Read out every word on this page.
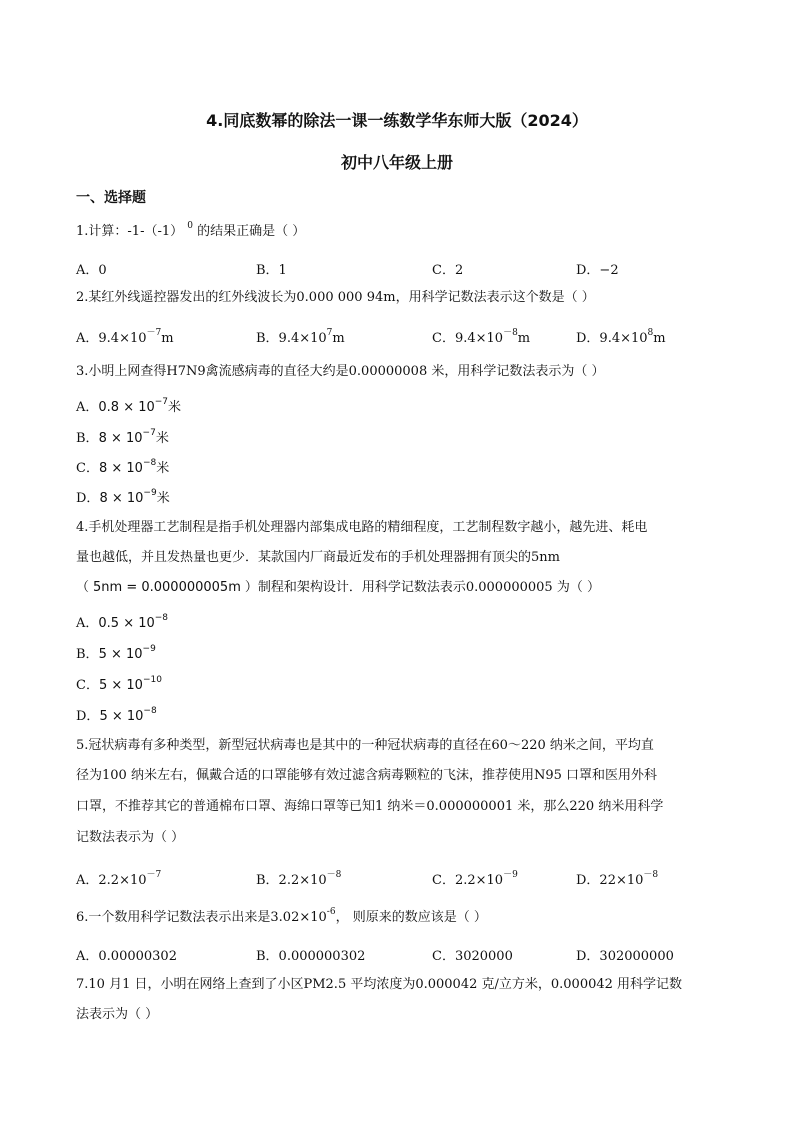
4.同底数幂的除法一课一练数学华东师大版（2024）
初中八年级上册
一、选择题
1.计算：-1-（-1） $^0$ 的结果正确是（ ）
A．0	B．1	C．2	D．−2
2.某红外线遥控器发出的红外线波长为0.000 000 94m，用科学记数法表示这个数是（ ）
A．$9.4\times 10^{-7}m$	B．$9.4\times 10^7m$	C．$9.4\times 10^{-8}m$	D．$9.4\times 10^8m$
3.小明上网查得H7N9禽流感病毒的直径大约是0.00000008 米，用科学记数法表示为（ ）
A．$0.8 \times 10^{-7}$米
B．$8 \times 10^{-7}$米
C．$8 \times 10^{-8}$米
D．$8 \times 10^{-9}$米
4.手机处理器工艺制程是指手机处理器内部集成电路的精细程度，工艺制程数字越小，越先进、耗电
量也越低，并且发热量也更少．某款国内厂商最近发布的手机处理器拥有顶尖的5nm
（ 5nm = 0.000000005m ）制程和架构设计．用科学记数法表示0.000000005 为（ ）
A．$0.5 \times 10^{-8}$
B．$5 \times 10^{-9}$
C．$5 \times 10^{-10}$
D．$5 \times 10^{-8}$
5.冠状病毒有多种类型，新型冠状病毒也是其中的一种冠状病毒的直径在60～220 纳米之间，平均直
径为100 纳米左右，佩戴合适的口罩能够有效过滤含病毒颗粒的飞沫，推荐使用N95 口罩和医用外科
口罩，不推荐其它的普通棉布口罩、海绵口罩等已知1 纳米＝0.000000001 米，那么220 纳米用科学
记数法表示为（ ）
A．$2.2\times 10^{-7}$	B．$2.2\times 10^{-8}$	C．$2.2\times 10^{-9}$	D．$22\times 10^{-8}$
6.一个数用科学记数法表示出来是$3.02\times 10^{-6}$， 则原来的数应该是（ ）
A．0.00000302	B．0.000000302	C．3020000	D．302000000
7.10 月1 日，小明在网络上查到了小区PM2.5 平均浓度为0.000042 克/立方米，0.000042 用科学记数
法表示为（ ）
